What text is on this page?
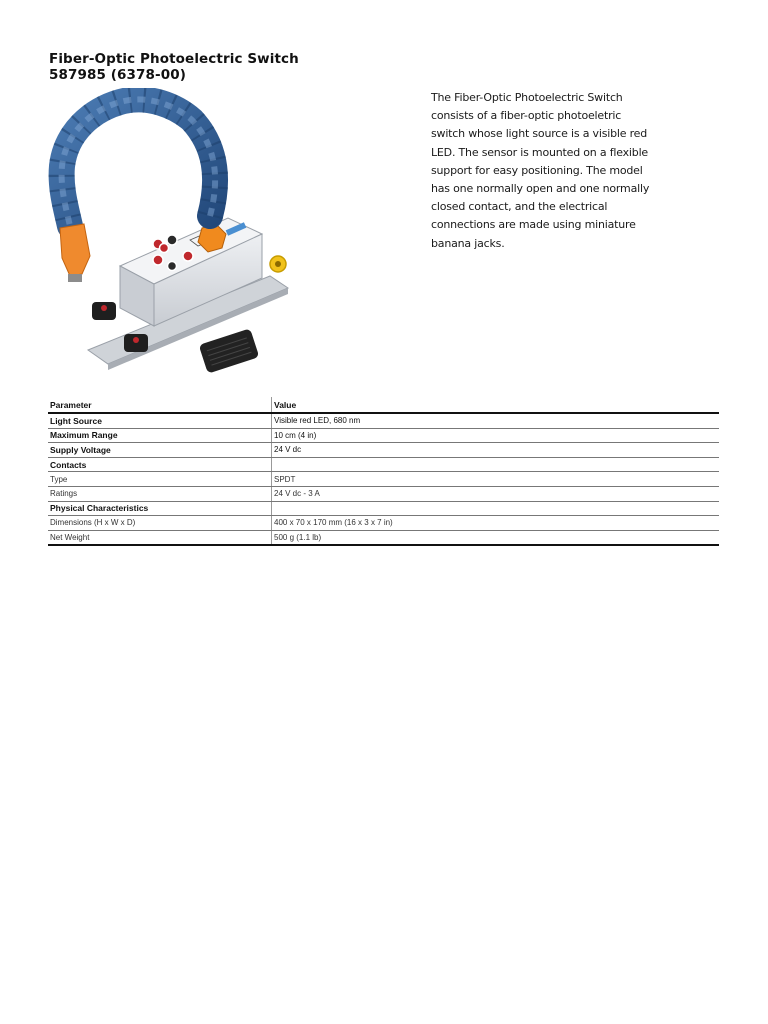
Fiber-Optic Photoelectric Switch
587985 (6378-00)

The Fiber-Optic Photoelectric Switch consists of a fiber-optic photoeletric switch whose light source is a visible red LED. The sensor is mounted on a flexible support for easy positioning. The model has one normally open and one normally closed contact, and the electrical connections are made using miniature banana jacks.

Parameter	Value
Light Source	Visible red LED, 680 nm
Maximum Range	10 cm (4 in)
Supply Voltage	24 V dc
Contacts	
Type	SPDT
Ratings	24 V dc - 3 A
Physical Characteristics	
Dimensions (H x W x D)	400 x 70 x 170 mm (16 x 3 x 7 in)
Net Weight	500 g (1.1 lb)
